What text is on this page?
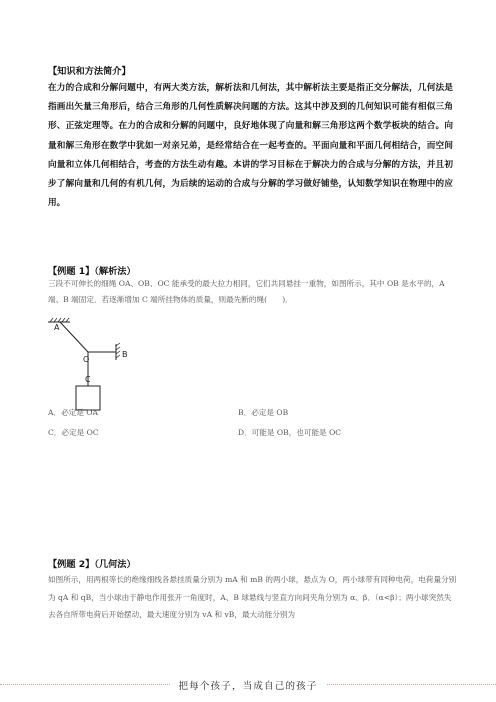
【知识和方法简介】
在力的合成和分解问题中，有两大类方法，解析法和几何法，其中解析法主要是指正交分解法，几何法是指画出矢量三角形后，结合三角形的几何性质解决问题的方法。这其中涉及到的几何知识可能有相似三角形、正弦定理等。在力的合成和分解的问题中，良好地体现了向量和解三角形这两个数学板块的结合。向量和解三角形在数学中犹如一对亲兄弟，是经常结合在一起考查的。平面向量和平面几何相结合，而空间向量和立体几何相结合，考查的方法生动有趣。本讲的学习目标在于解决力的合成与分解的方法，并且初步了解向量和几何的有机几何，为后续的运动的合成与分解的学习做好铺垫，认知数学知识在物理中的应用。
【例题 1】（解析法）
三段不可伸长的细绳 OA、OB、OC 能承受的最大拉力相同，它们共同悬挂一重物，如图所示，其中 OB 是水平的，A 端、B 端固定．若逐渐增加 C 端所挂物体的质量，则最先断的绳(　　)．
A
O
B
C
A．必定是 OA	B．必定是 OB
C．必定是 OC	D．可能是 OB，也可能是 OC
【例题 2】（几何法）
如图所示，用两根等长的绝缘细线各悬挂质量分别为 mA 和 mB 的两小球，悬点为 O，两小球带有同种电荷，电荷量分别为 qA 和 qB，当小球由于静电作用张开一角度时，A、B 球悬线与竖直方向间夹角分别为 α、β．（α<β）；两小球突然失去各自所带电荷后开始摆动，最大速度分别为 vA 和 vB，最大动能分别为
把每个孩子，当成自己的孩子
